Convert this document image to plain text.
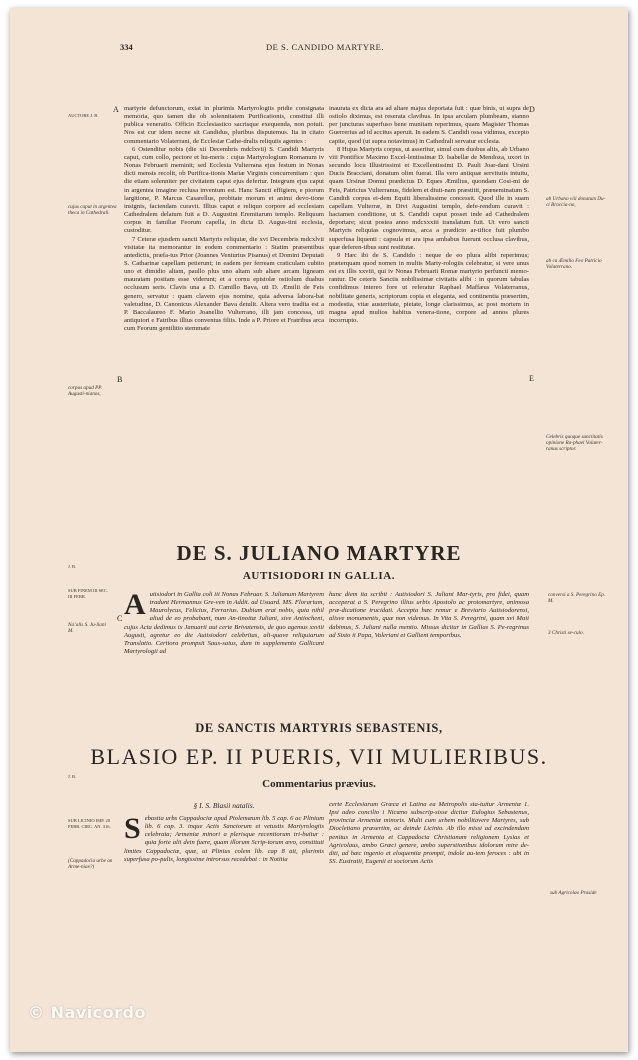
334	DE S. CANDIDO MARTYRE.
A
AUCTORE J. B.
cujus caput in argentea theca in Cathedrali.
B
corpus apud PP. Augusti-nianos,
D
ab Urbano viii donatum Du-ci Braccia-no,
ab ca Æmilio Feo Patricio Volaterrano.
E
Celebris quoque sanctitatis opinione Ra-phael Volater-ranus scriptor.

martyrie defunctorum, extat in plurimis Martyrologiis pridie consignata memoria, quo tamen die ob solennitatem Purificationis, constitui illi publica veneratio. Officio Ecclesiastico sacrisque exequenda, non potuit. Nos est cur idem necne sit Candidus, pluribus disputemus. Ita in citato commentario Volaterrani, de Ecclesiæ Cathe-dralis reliquiis agentes :

6 Ostenditur nobis (die xii Decembris mdclxvii) S. Candidi Martyris caput, cum collo, pectore et hu-meris : cujus Martyrologium Romanum iv Nonas Februarii meminit; sed Ecclesia Vulterrana ejus festum in Nonas dicti mensis recolit, ob Purifica-tionis Mariæ Virginis concurrentiam : quo die etiam solenniter per civitatem caput ejus defertur. Integrum ejus caput in argentea imagine reclusa inventum est. Hanc Sancti effigiem, e piorum largitione, P. Marcus Casarellus, probitate morum et animi devo-tione insignis, faciendam curavit. Illius caput e reliquo corpore ad ecclesiam Cathedralem delatum fuit a D. Augustini Eremitarum templo. Reliquum corpus in familiæ Feorum capella, in dicta D. Augus-tini ecclesia, custoditur.

7 Ceteræ ejusdem sancti Martyris reliquiæ, die xvi Decembris mdcxlvii visitatæ ita memorantur in eodem commentario : Statim præsentibus antedictis, præfa-tus Prior (Joannes Venturius Pisanus) et Domini Deputati S. Catharinæ capellam petierunt; in eadem per ferream craticulam cubito uno et dimidio altam, paullo plus uno altam sub altare arcam ligneam mauratam positam esse viderunt; et a cornu epistolæ ostiolum duabus occlusum seris. Clavis una a D. Camillo Bava, uti D. Æmilii de Feis genero, servatur : quam clavem ejus nomine, quia adversa labora-bat valetudine, D. Canonicus Alexander Bava detulit. Altera vero tradita est a P. Baccalaureo F. Mario Joanellio Vulterrano, illi jam concessa, uti antiquiori e Fatribus illius conventus filiis. Inde a P. Priore et Fratribus arca cum Feorum gentilitio stemmate

inaurata ex dicta ara ad altare majus deportata fuit : quæ binis, ut supra de ostiolo diximus, est reserata clavibus. In ipsa arculam plumbeam, stanno per juncturas superfuso bene munitam reperimus, quam Magister Thomas Guerrerius ad id accitus aperuit. In eadem S. Candidi ossa vidimus, excepto capite, quod (ut supra notavimus) in Cathedrali servatur ecclesia.

8 Hujus Martyris corpus, ut asseritur, simul cum duobus aliis, ab Urbano viii Pontifice Maximo Excel-lentissimæ D. Isabellæ de Mendoza, uxori in secundo locu Illustrissimi et Excellentissimi D. Pauli Joar-dani Ursini Ducis Bracciani, donatum olim fuerat. Illa vero antiquæ servitutis intuitu, quam Ursinæ Domui prædictus D. Eques Æmilius, quondam Cosi-mi de Feis, Patricius Vulterranus, fidelem et diuti-nam præstitit, præneminatum S. Candidi corpus ei-dem Equiti liberalissime concessit. Quod ille in suam capellam Vulterræ, in Divi Augustini templo, defe-rendum curavit : hactamen conditione, ut S. Candidi caput posset inde ad Cathedralem deportare; sicut postea anno mdcxxxiii translatum fuit. Ut vero sancti Martyris reliquias cognovimus, arca a prædicto ar-tifice fuit plumbo superfusa liquenti : capsula et ara ipsa ambabus fuerunt occlusa clavibus, quæ deferen-tibus sunt restitutæ.

9 Hæc ibi de S. Candido : neque de eo plura alibi reperimus; præterquam quod nomen in multis Marty-rologiis celebratur, si vere unus est ex illis xxviii, qui iv Nonas Februarii Romæ martyrio perfuncti memo-rantur. De ceteris Sanctis nobilissimæ civitatis alibi : in quorum tabulas confidimus intereo fore ut referatur Raphael Maffæus Volaterranus, nobilitate generis, scriptorum copia et eleganta, sed continentia præsertim, modestia, vitæ austeritate, pietate, longe clarissimus, ac post mortem in magna apud multos habitus venera-tione, corpore ad annos plures incorrupto.

DE S. JULIANO MARTYRE
AUTISIODORI IN GALLIA.
J. B.
SUB FINEM III SEC. III FEBR.
C
Na’alis S. Ju-liani M.
conversi a S. Peregrino Ep. M.
3 Christi se-culo.
A utisiodori in Gallia coli iii Nonas Februar. S. Julianum Martyrem tradunt Hermannus Gre-ven in Addit. ad Usuard. MS. Florarium, Maurolycus, Felicius, Ferrarius. Dubium erat nobis, quia nihil aliud de eo probabant, num An-tinoitæ Juliani, sive Antiocheni, cujus Acta dedimus ix Januarii aut certe Brivatensis, de quo agemus xxviii Augusti, agretur eo die Autisiodori celebritas, ali-quave reliquiarum Translatio. Certiora prompsit Saus-saius, dum in supplemento Gallicani Martyrologii ad
hunc diem ita scribit : Autisiodori S. Juliani Mar-tyris, pro fidei, quam acceperat a S. Peregrino illius urbis Apostolo ac protomartyre, animosa præ-dicatione trucidati. Accepta hæc remur e Breviario Autisiodorensi, alisve monumentis, quæ non videmus. In Vita S. Peregrini, quam xvi Maii dabimus, S. Juliani nulla mentio. Missus dicitur in Gallias S. Pe-regrinus ad Sixto ii Papa, Valeriani et Gallieni temporibus.
DE SANCTIS MARTYRIS SEBASTENIS,
BLASIO EP. II PUERIS, VII MULIERIBUS.
Commentarius prævius.
J. B.
SUB LICINIO IMP. 20 FEBR. CIRC. AN. 316.
(Cappadocia urbe an Arme-niae?)
sub Agricolao Praside
§ I. S. Blasii natalis.
S ebastia urbs Cappadociæ apud Ptolemæum lib. 5 cap. 6 ac Plinium lib. 6 cap. 3. inque Actis Sanctorum et vetustis Martyrologiis celebrata; Armeniæ minori a plerisque recentiorum tri-buitur : quia forte alii dein fuere, quam illorum Scrip-torum ævo, constituti limites Cappadociæ, quæ, ut Plinius colem lib. cap 8 ait, plurimis superfusa po-pulis, longissime introrsus recedebat : in Notitia
certe Ecclesiarum Græca et Latina ea Metropolis sta-tuitur Armeniæ 1. Ipsi adeo concilio i Nicæno subscrip-sisse dicitur Eulogius Sebastenus, provinciæ Armeniæ minoris. Multi cum urbem nobilitavere Martyres, sub Diocletiano præsertim, ac deinde Licinio. Ab illo missi ad excindendam penitus in Armenia et Cappadocia Christianam religionem Lysias et Agricolaus, ambo Græci genere, ambo superstionibus idolorum mire de-diti, ad hæc ingenio et eloquentia prompti, indole au-tem feroces : ubi in SS. Eustratii, Eugenii et sociorum Actis
© Navicordo
